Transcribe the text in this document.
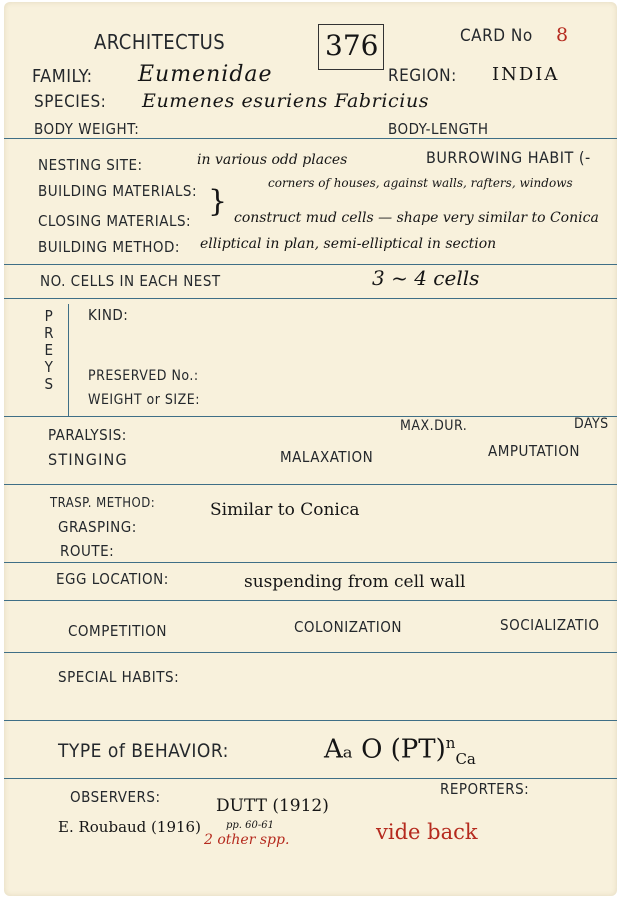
ARCHITECTUS	376	CARD No 8
FAMILY: Eumenidae	REGION: INDIA
SPECIES: Eumenes esuriens Fabricius
BODY WEIGHT:	BODY-LENGTH
NESTING SITE:	in various odd places	BURROWING HABIT (-
corners of houses, against walls, rafters, windows
BUILDING MATERIALS: }
CLOSING MATERIALS:	construct mud cells — shape very similar to Conica
BUILDING METHOD: elliptical in plan, semi-elliptical in section
NO. CELLS IN EACH NEST	3 ~ 4 cells
PREYS
KIND:
PRESERVED No.:
WEIGHT or SIZE:
PARALYSIS:	MAX.DUR.	DAYS
STINGING	MALAXATION	AMPUTATION
TRASP. METHOD:	Similar to Conica
GRASPING:
ROUTE:
EGG LOCATION:	suspending from cell wall
COMPETITION	COLONIZATION	SOCIALIZATIO
SPECIAL HABITS:
TYPE of BEHAVIOR:	Aₐ O (PT)$^n_{Ca}$
OBSERVERS:	REPORTERS:
DUTT (1912)
E. Roubaud (1916)	pp. 60-61
2 other spp.	vide back
